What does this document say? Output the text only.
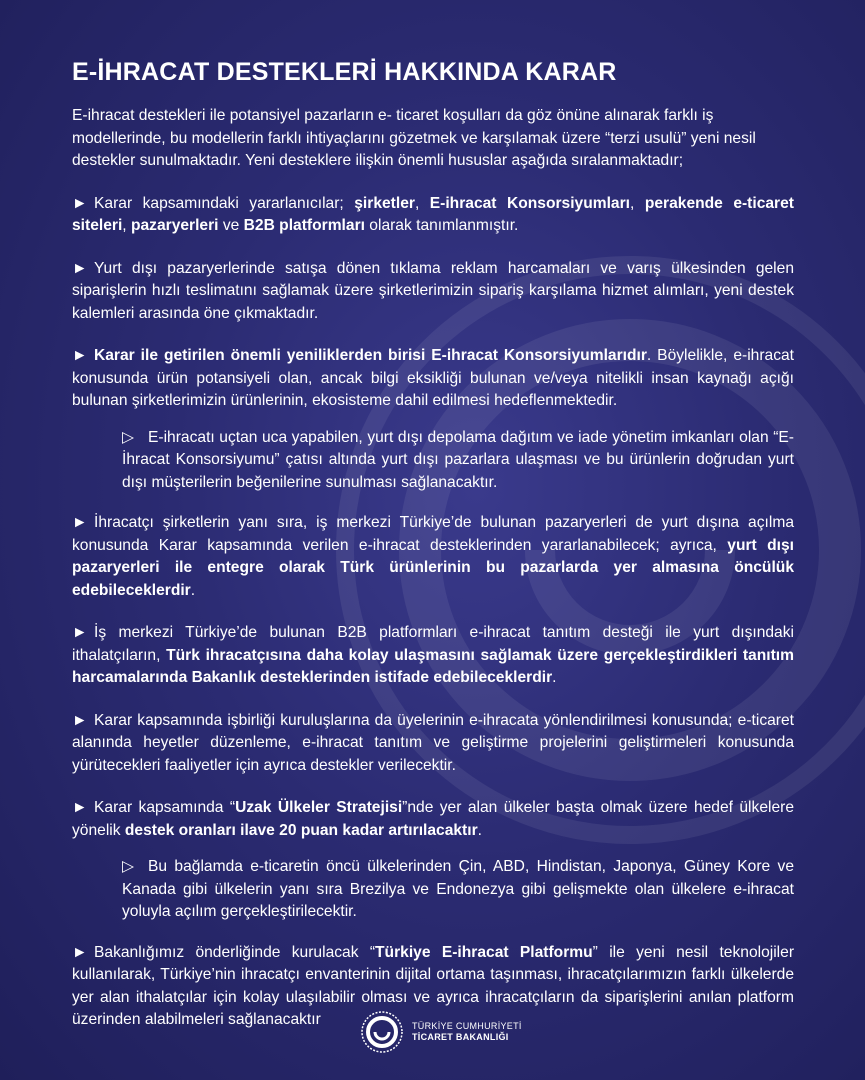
E-İHRACAT DESTEKLERİ HAKKINDA KARAR

E-ihracat destekleri ile potansiyel pazarların e- ticaret koşulları da göz önüne alınarak farklı iş modellerinde, bu modellerin farklı ihtiyaçlarını gözetmek ve karşılamak üzere “terzi usulü” yeni nesil destekler sunulmaktadır. Yeni desteklere ilişkin önemli hususlar aşağıda sıralanmaktadır;

► Karar kapsamındaki yararlanıcılar; şirketler, E-ihracat Konsorsiyumları, perakende e-ticaret siteleri, pazaryerleri ve B2B platformları olarak tanımlanmıştır.

► Yurt dışı pazaryerlerinde satışa dönen tıklama reklam harcamaları ve varış ülkesinden gelen siparişlerin hızlı teslimatını sağlamak üzere şirketlerimizin sipariş karşılama hizmet alımları, yeni destek kalemleri arasında öne çıkmaktadır.

► Karar ile getirilen önemli yeniliklerden birisi E-ihracat Konsorsiyumlarıdır. Böylelikle, e-ihracat konusunda ürün potansiyeli olan, ancak bilgi eksikliği bulunan ve/veya nitelikli insan kaynağı açığı bulunan şirketlerimizin ürünlerinin, ekosisteme dahil edilmesi hedeflenmektedir.

▷ E-ihracatı uçtan uca yapabilen, yurt dışı depolama dağıtım ve iade yönetim imkanları olan “E-İhracat Konsorsiyumu” çatısı altında yurt dışı pazarlara ulaşması ve bu ürünlerin doğrudan yurt dışı müşterilerin beğenilerine sunulması sağlanacaktır.

► İhracatçı şirketlerin yanı sıra, iş merkezi Türkiye’de bulunan pazaryerleri de yurt dışına açılma konusunda Karar kapsamında verilen e-ihracat desteklerinden yararlanabilecek; ayrıca, yurt dışı pazaryerleri ile entegre olarak Türk ürünlerinin bu pazarlarda yer almasına öncülük edebileceklerdir.

► İş merkezi Türkiye’de bulunan B2B platformları e-ihracat tanıtım desteği ile yurt dışındaki ithalatçıların, Türk ihracatçısına daha kolay ulaşmasını sağlamak üzere gerçekleştirdikleri tanıtım harcamalarında Bakanlık desteklerinden istifade edebileceklerdir.

► Karar kapsamında işbirliği kuruluşlarına da üyelerinin e-ihracata yönlendirilmesi konusunda; e-ticaret alanında heyetler düzenleme, e-ihracat tanıtım ve geliştirme projelerini geliştirmeleri konusunda yürütecekleri faaliyetler için ayrıca destekler verilecektir.

► Karar kapsamında “Uzak Ülkeler Stratejisi”nde yer alan ülkeler başta olmak üzere hedef ülkelere yönelik destek oranları ilave 20 puan kadar artırılacaktır.

▷ Bu bağlamda e-ticaretin öncü ülkelerinden Çin, ABD, Hindistan, Japonya, Güney Kore ve Kanada gibi ülkelerin yanı sıra Brezilya ve Endonezya gibi gelişmekte olan ülkelere e-ihracat yoluyla açılım gerçekleştirilecektir.

► Bakanlığımız önderliğinde kurulacak “Türkiye E-ihracat Platformu” ile yeni nesil teknolojiler kullanılarak, Türkiye’nin ihracatçı envanterinin dijital ortama taşınması, ihracatçılarımızın farklı ülkelerde yer alan ithalatçılar için kolay ulaşılabilir olması ve ayrıca ihracatçıların da siparişlerini anılan platform üzerinden alabilmeleri sağlanacaktır	TÜRKİYE CUMHURİYETİ
TİCARET BAKANLIĞI
